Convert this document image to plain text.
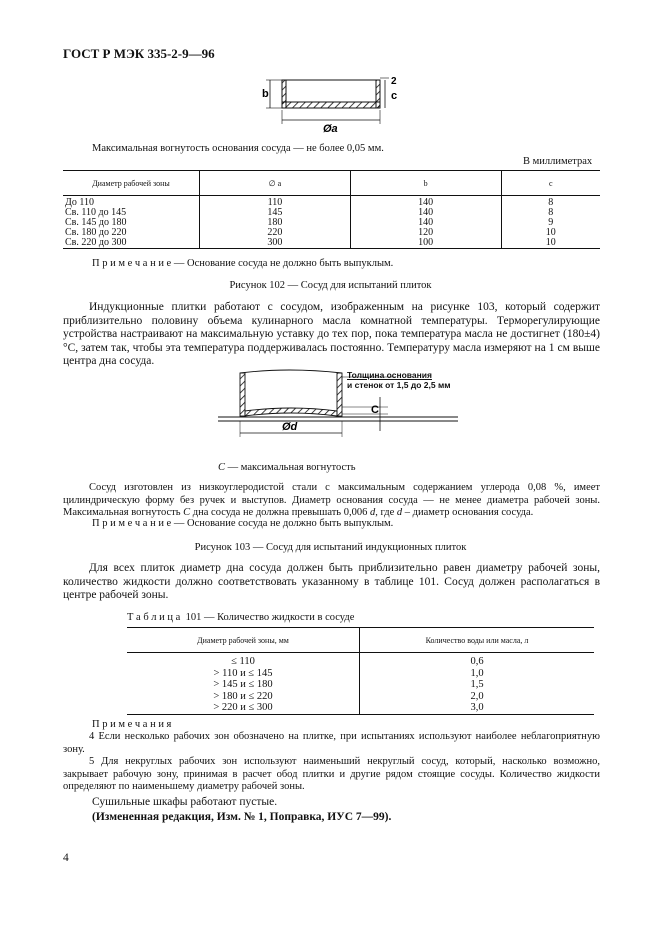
ГОСТ Р МЭК 335-2-9—96
b
2
c
Øa
Максимальная вогнутость основания сосуда — не более 0,05 мм.
В миллиметрах
Диаметр рабочей зоны	∅ a	b	c
До 110	110	140	8
Св. 110 до 145	145	140	8
Св. 145 до 180	180	140	9
Св. 180 до 220	220	120	10
Св. 220 до 300	300	100	10
П р и м е ч а н и е — Основание сосуда не должно быть выпуклым.
Рисунок 102 — Сосуд для испытаний плиток

Индукционные плитки работают с сосудом, изображенным на рисунке 103, который содержит приблизительно половину объема кулинарного масла комнатной температуры. Терморегулирующие устройства настраивают на максимальную уставку до тех пор, пока температура масла не достигнет (180±4) °С, затем так, чтобы эта температура поддерживалась постоянно. Температуру масла измеряют на 1 см выше центра дна сосуда.

C
Ød
Толщина основания
и стенок от 1,5 до 2,5 мм
C — максимальная вогнутость

Сосуд изготовлен из низкоуглеродистой стали с максимальным содержанием углерода 0,08 %, имеет цилиндрическую форму без ручек и выступов. Диаметр основания сосуда — не менее диаметра рабочей зоны. Максимальная вогнутость C дна сосуда не должна превышать 0,006 d, где d – диаметр основания сосуда.

П р и м е ч а н и е — Основание сосуда не должно быть выпуклым.
Рисунок 103 — Сосуд для испытаний индукционных плиток

Для всех плиток диаметр дна сосуда должен быть приблизительно равен диаметру рабочей зоны, количество жидкости должно соответствовать указанному в таблице 101. Сосуд должен располагаться в центре рабочей зоны.

Т а б л и ц а 101 — Количество жидкости в сосуде
Диаметр рабочей зоны, мм	Количество воды или масла, л
≤ 110	0,6
> 110 и ≤ 145	1,0
> 145 и ≤ 180	1,5
> 180 и ≤ 220	2,0
> 220 и ≤ 300	3,0
П р и м е ч а н и я

4 Если несколько рабочих зон обозначено на плитке, при испытаниях используют наиболее неблагоприятную зону.

5 Для некруглых рабочих зон используют наименьший некруглый сосуд, который, насколько возможно, закрывает рабочую зону, принимая в расчет обод плитки и другие рядом стоящие сосуды. Количество жидкости определяют по наименьшему диаметру рабочей зоны.

Сушильные шкафы работают пустые.
(Измененная редакция, Изм. № 1, Поправка, ИУС 7—99).
4
